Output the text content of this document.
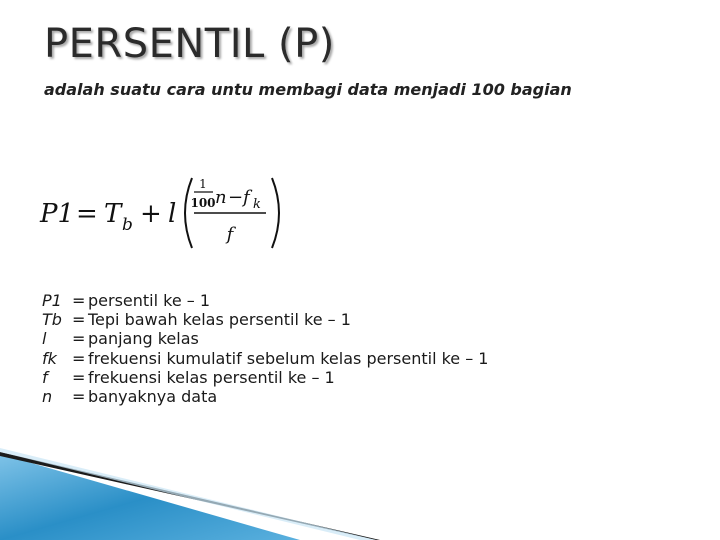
PERSENTIL (P)

adalah suatu cara untu membagi data menjadi 100 bagian

P1 = T b + l
1
100 n − f k
f
P1 = persentil ke – 1
Tb = Tepi bawah kelas persentil ke – 1
l	= panjang kelas
fk = frekuensi kumulatif sebelum kelas persentil ke – 1
f	= frekuensi kelas persentil ke – 1
n	= banyaknya data
